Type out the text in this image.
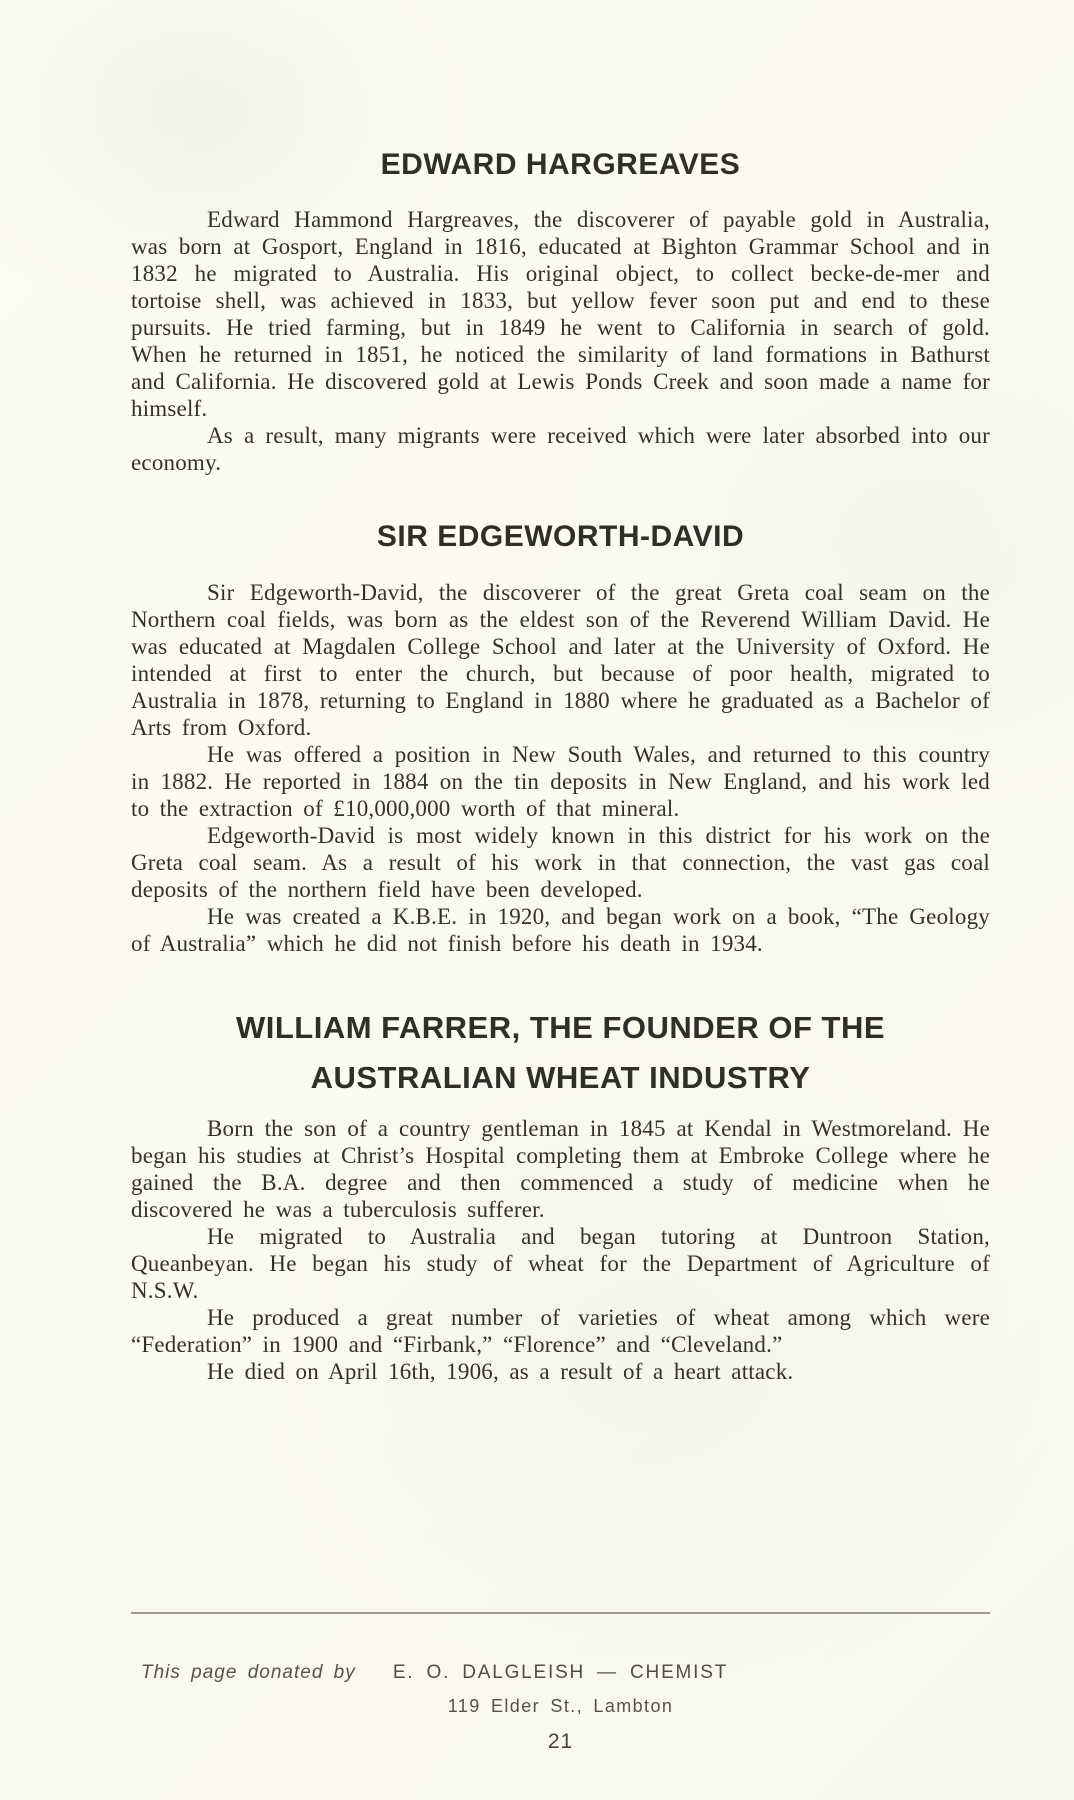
EDWARD HARGREAVES

Edward Hammond Hargreaves, the discoverer of payable gold in Australia, was born at Gosport, England in 1816, educated at Bighton Grammar School and in 1832 he migrated to Australia. His original object, to collect becke-de-mer and tortoise shell, was achieved in 1833, but yellow fever soon put and end to these pursuits. He tried farming, but in 1849 he went to California in search of gold. When he returned in 1851, he noticed the similarity of land formations in Bathurst and California. He discovered gold at Lewis Ponds Creek and soon made a name for himself.

As a result, many migrants were received which were later absorbed into our economy.

SIR EDGEWORTH-DAVID

Sir Edgeworth-David, the discoverer of the great Greta coal seam on the Northern coal fields, was born as the eldest son of the Reverend William David. He was educated at Magdalen College School and later at the University of Oxford. He intended at first to enter the church, but because of poor health, migrated to Australia in 1878, returning to England in 1880 where he graduated as a Bachelor of Arts from Oxford.

He was offered a position in New South Wales, and returned to this country in 1882. He reported in 1884 on the tin deposits in New England, and his work led to the extraction of £10,000,000 worth of that mineral.

Edgeworth-David is most widely known in this district for his work on the Greta coal seam. As a result of his work in that connection, the vast gas coal deposits of the northern field have been developed.

He was created a K.B.E. in 1920, and began work on a book, “The Geology of Australia” which he did not finish before his death in 1934.

WILLIAM FARRER, THE FOUNDER OF THE AUSTRALIAN WHEAT INDUSTRY

Born the son of a country gentleman in 1845 at Kendal in Westmoreland. He began his studies at Christ’s Hospital completing them at Embroke College where he gained the B.A. degree and then commenced a study of medicine when he discovered he was a tuberculosis sufferer.

He migrated to Australia and began tutoring at Duntroon Station, Queanbeyan. He began his study of wheat for the Department of Agriculture of N.S.W.

He produced a great number of varieties of wheat among which were “Federation” in 1900 and “Firbank,” “Florence” and “Cleveland.”

He died on April 16th, 1906, as a result of a heart attack.

This page donated by	E. O. DALGLEISH — CHEMIST
119 Elder St., Lambton
21
